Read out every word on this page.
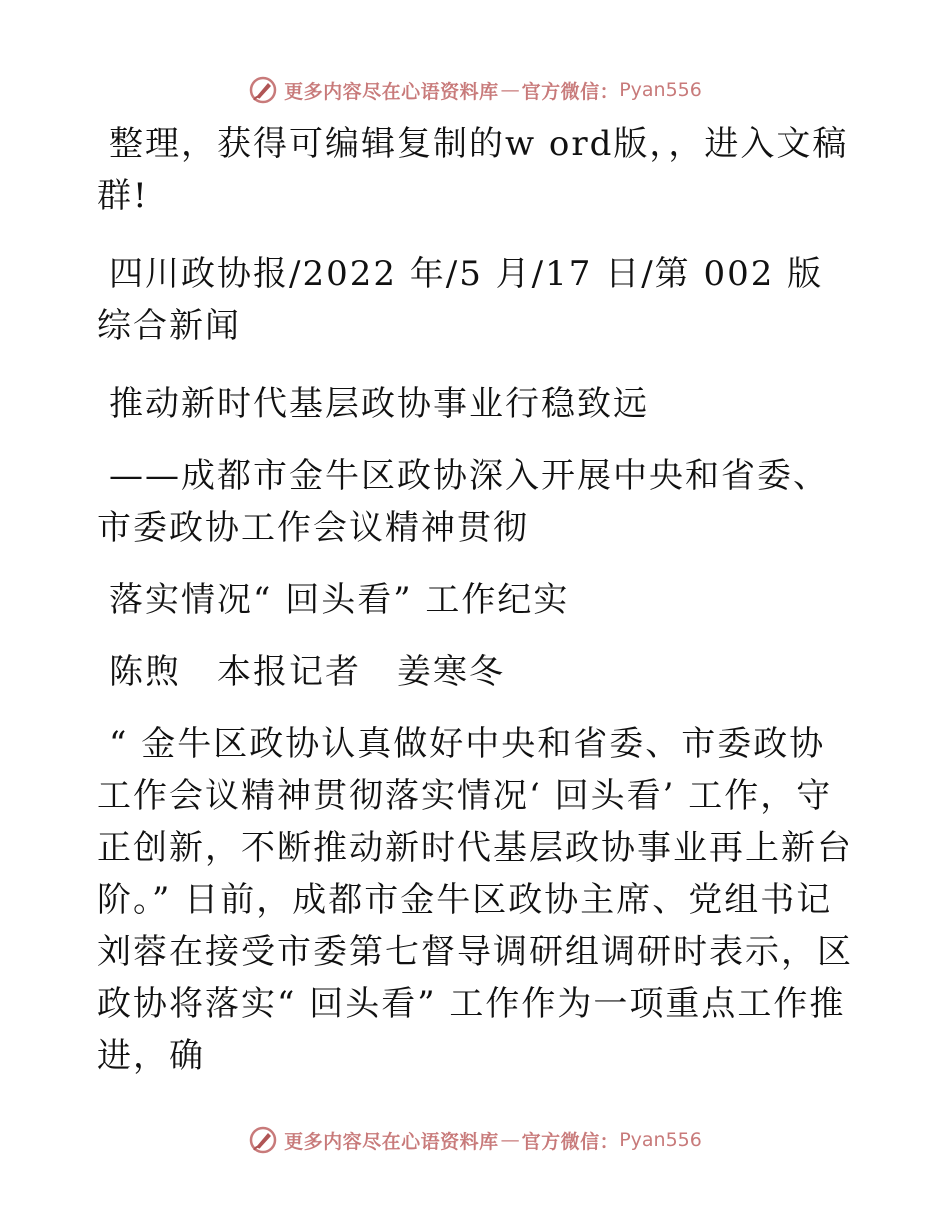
更多内容尽在心语资料库 — 官方微信： Pyan556

整理，获得可编辑复制的w ord版，，进入文稿群!

四川政协报/2022 年/5 月/17 日/第 002 版综合新闻

推动新时代基层政协事业行稳致远

——成都市金牛区政协深入开展中央和省委、市委政协工作会议精神贯彻

落实情况“ 回头看” 工作纪实

陈煦　本报记者　姜寒冬

“ 金牛区政协认真做好中央和省委、市委政协工作会议精神贯彻落实情况‘ 回头看’ 工作，守正创新，不断推动新时代基层政协事业再上新台阶。” 日前，成都市金牛区政协主席、党组书记刘蓉在接受市委第七督导调研组调研时表示，区政协将落实“ 回头看” 工作作为一项重点工作推进，确

更多内容尽在心语资料库 — 官方微信： Pyan556
